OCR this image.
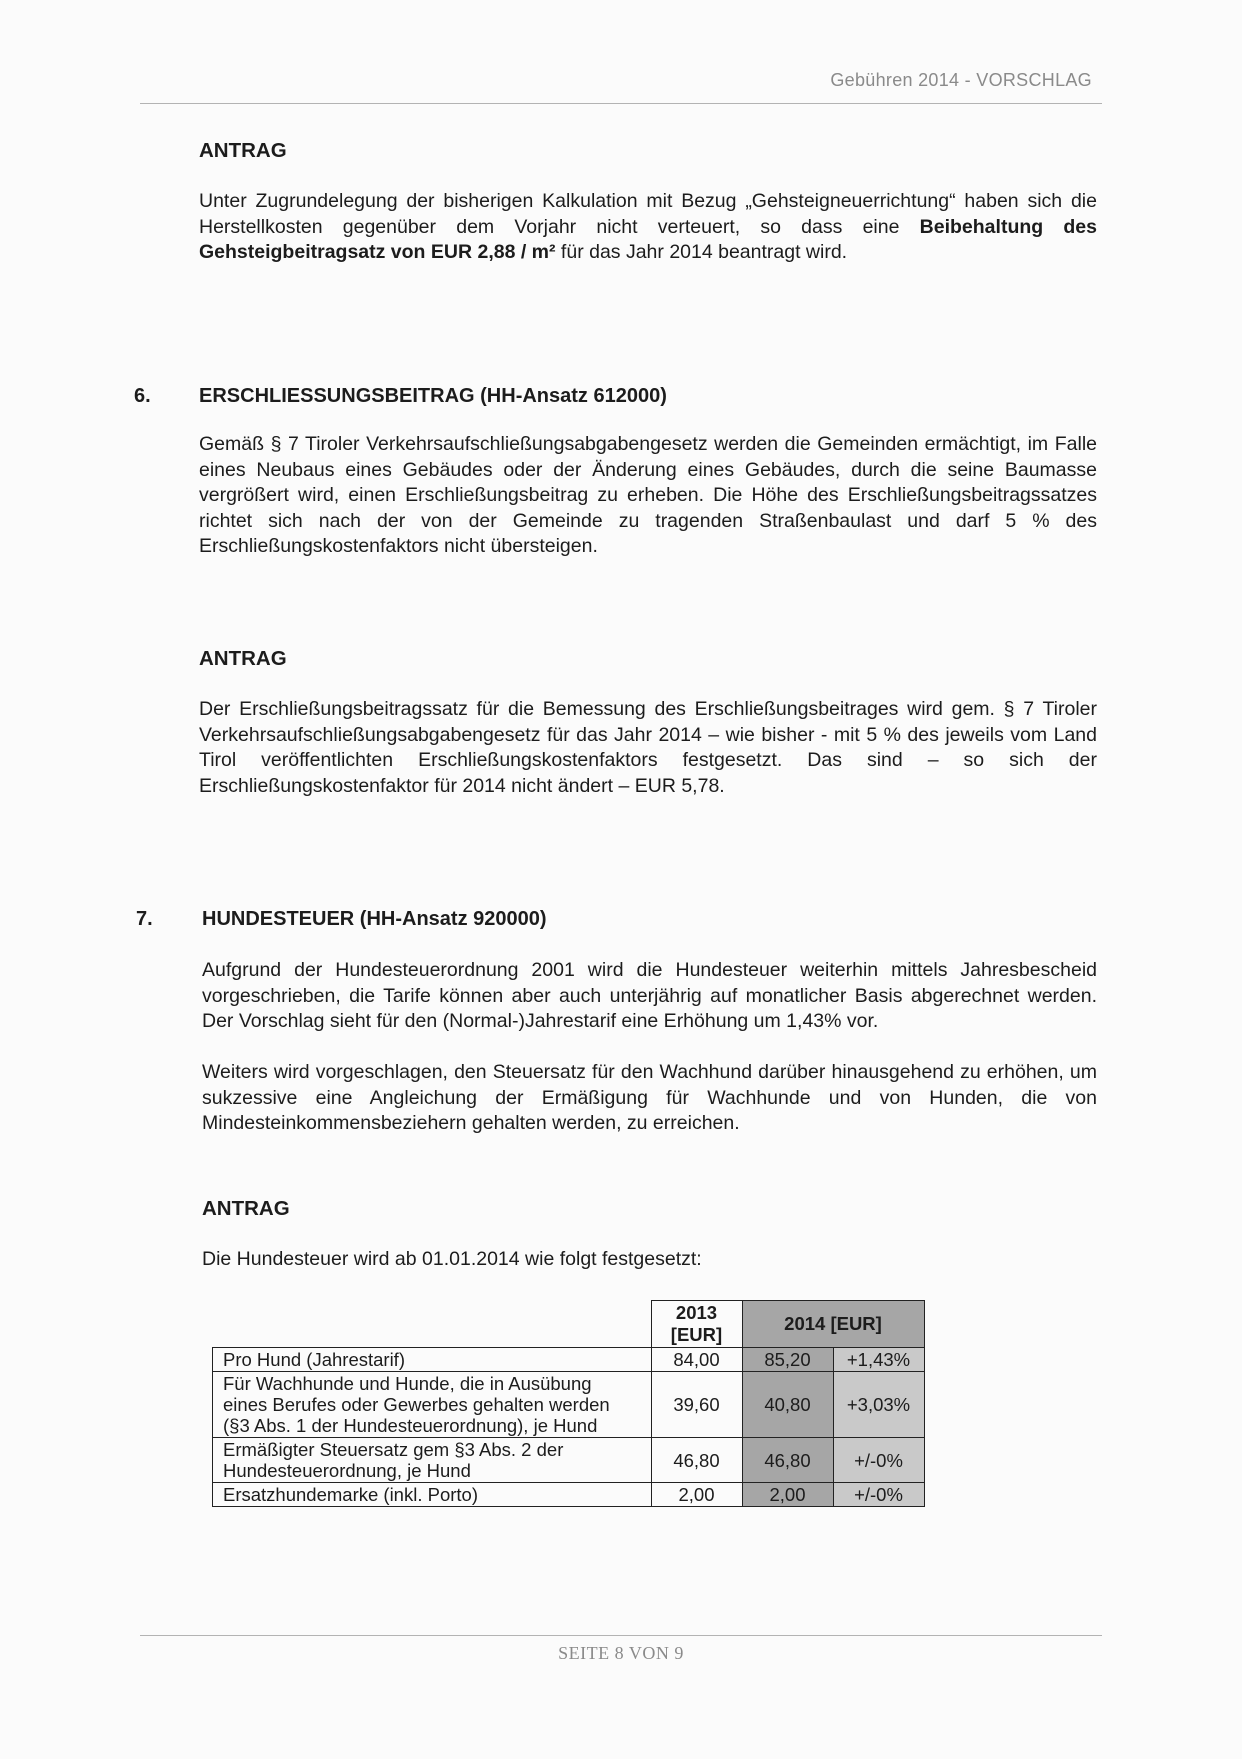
Gebühren 2014 - VORSCHLAG
ANTRAG
Unter Zugrundelegung der bisherigen Kalkulation mit Bezug „Gehsteigneuerrichtung“ haben sich die Herstellkosten gegenüber dem Vorjahr nicht verteuert, so dass eine Beibehaltung des Gehsteigbeitragsatz von EUR 2,88 / m² für das Jahr 2014 beantragt wird.
6. ERSCHLIESSUNGSBEITRAG (HH-Ansatz 612000)
Gemäß § 7 Tiroler Verkehrsaufschließungsabgabengesetz werden die Gemeinden ermächtigt, im Falle eines Neubaus eines Gebäudes oder der Änderung eines Gebäudes, durch die seine Baumasse vergrößert wird, einen Erschließungsbeitrag zu erheben. Die Höhe des Erschließungsbeitragssatzes richtet sich nach der von der Gemeinde zu tragenden Straßenbaulast und darf 5 % des Erschließungskostenfaktors nicht übersteigen.
ANTRAG
Der Erschließungsbeitragssatz für die Bemessung des Erschließungsbeitrages wird gem. § 7 Tiroler Verkehrsaufschließungsabgabengesetz für das Jahr 2014 – wie bisher - mit 5 % des jeweils vom Land Tirol veröffentlichten Erschließungskostenfaktors festgesetzt. Das sind – so sich der Erschließungskostenfaktor für 2014 nicht ändert – EUR 5,78.
7. HUNDESTEUER (HH-Ansatz 920000)
Aufgrund der Hundesteuerordnung 2001 wird die Hundesteuer weiterhin mittels Jahresbescheid vorgeschrieben, die Tarife können aber auch unterjährig auf monatlicher Basis abgerechnet werden. Der Vorschlag sieht für den (Normal-)Jahrestarif eine Erhöhung um 1,43% vor.
Weiters wird vorgeschlagen, den Steuersatz für den Wachhund darüber hinausgehend zu erhöhen, um sukzessive eine Angleichung der Ermäßigung für Wachhunde und von Hunden, die von Mindesteinkommensbeziehern gehalten werden, zu erreichen.
ANTRAG
Die Hundesteuer wird ab 01.01.2014 wie folgt festgesetzt:
	2013 [EUR]	2014 [EUR]	
Pro Hund (Jahrestarif)	84,00	85,20	+1,43%
Für Wachhunde und Hunde, die in Ausübung eines Berufes oder Gewerbes gehalten werden (§3 Abs. 1 der Hundesteuerordnung), je Hund	39,60	40,80	+3,03%
Ermäßigter Steuersatz gem §3 Abs. 2 der Hundesteuerordnung, je Hund	46,80	46,80	+/-0%
Ersatzhundemarke (inkl. Porto)	2,00	2,00	+/-0%
SEITE 8 VON 9
